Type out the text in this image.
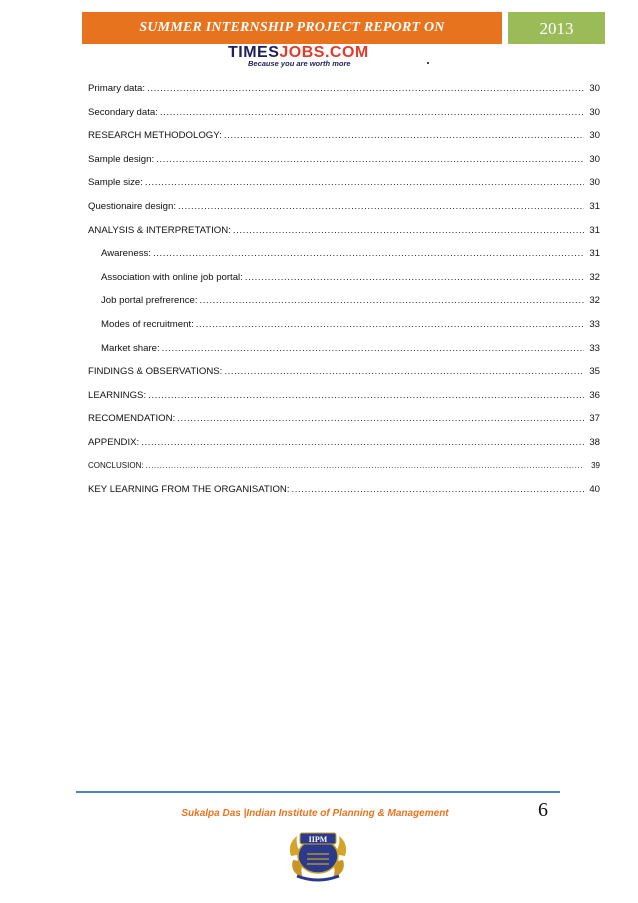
SUMMER INTERNSHIP PROJECT REPORT ON	2013
TIMESJOBS.COM
Because you are worth more
Primary data: .....	30
Secondary data: .....	30
RESEARCH METHODOLOGY: .....	30
Sample design: .....	30
Sample size: .....	30
Questionaire design: .....	31
ANALYSIS & INTERPRETATION: .....	31
Awareness: .....	31
Association with online job portal: .....	32
Job portal prefrerence: .....	32
Modes of recruitment: .....	33
Market share: .....	33
FINDINGS & OBSERVATIONS: .....	35
LEARNINGS: .....	36
RECOMENDATION: .....	37
APPENDIX: .....	38
CONCLUSION: .....	39
KEY LEARNING FROM THE ORGANISATION: .....	40
Sukalpa Das |Indian Institute of Planning & Management	6
IIPM
